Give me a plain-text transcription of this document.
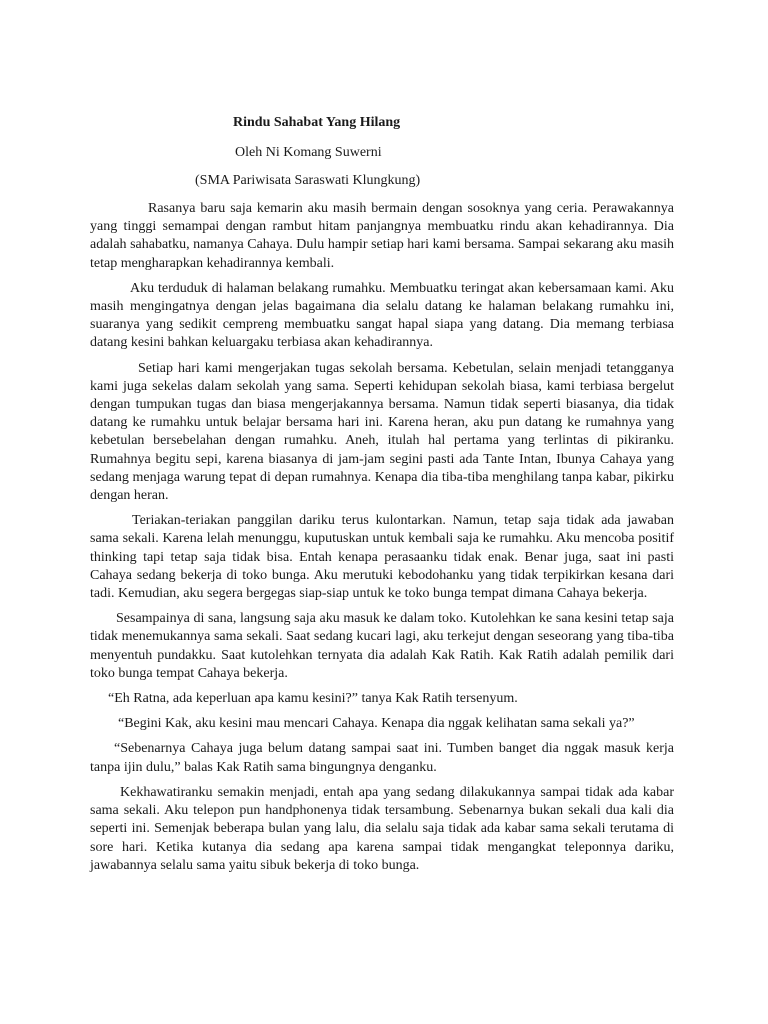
Rindu Sahabat Yang Hilang

Oleh Ni Komang Suwerni

(SMA Pariwisata Saraswati Klungkung)

Rasanya baru saja kemarin aku masih bermain dengan sosoknya yang ceria. Perawakannya yang tinggi semampai dengan rambut hitam panjangnya membuatku rindu akan kehadirannya. Dia adalah sahabatku, namanya Cahaya. Dulu hampir setiap hari kami bersama. Sampai sekarang aku masih tetap mengharapkan kehadirannya kembali.

Aku terduduk di halaman belakang rumahku. Membuatku teringat akan kebersamaan kami. Aku masih mengingatnya dengan jelas bagaimana dia selalu datang ke halaman belakang rumahku ini, suaranya yang sedikit cempreng membuatku sangat hapal siapa yang datang. Dia memang terbiasa datang kesini bahkan keluargaku terbiasa akan kehadirannya.

Setiap hari kami mengerjakan tugas sekolah bersama. Kebetulan, selain menjadi tetangganya kami juga sekelas dalam sekolah yang sama. Seperti kehidupan sekolah biasa, kami terbiasa bergelut dengan tumpukan tugas dan biasa mengerjakannya bersama. Namun tidak seperti biasanya, dia tidak datang ke rumahku untuk belajar bersama hari ini. Karena heran, aku pun datang ke rumahnya yang kebetulan bersebelahan dengan rumahku. Aneh, itulah hal pertama yang terlintas di pikiranku. Rumahnya begitu sepi, karena biasanya di jam-jam segini pasti ada Tante Intan, Ibunya Cahaya yang sedang menjaga warung tepat di depan rumahnya. Kenapa dia tiba-tiba menghilang tanpa kabar, pikirku dengan heran.

Teriakan-teriakan panggilan dariku terus kulontarkan. Namun, tetap saja tidak ada jawaban sama sekali. Karena lelah menunggu, kuputuskan untuk kembali saja ke rumahku. Aku mencoba positif thinking tapi tetap saja tidak bisa. Entah kenapa perasaanku tidak enak. Benar juga, saat ini pasti Cahaya sedang bekerja di toko bunga. Aku merutuki kebodohanku yang tidak terpikirkan kesana dari tadi. Kemudian, aku segera bergegas siap-siap untuk ke toko bunga tempat dimana Cahaya bekerja.

Sesampainya di sana, langsung saja aku masuk ke dalam toko. Kutolehkan ke sana kesini tetap saja tidak menemukannya sama sekali. Saat sedang kucari lagi, aku terkejut dengan seseorang yang tiba-tiba menyentuh pundakku. Saat kutolehkan ternyata dia adalah Kak Ratih. Kak Ratih adalah pemilik dari toko bunga tempat Cahaya bekerja.

“Eh Ratna, ada keperluan apa kamu kesini?” tanya Kak Ratih tersenyum.

“Begini Kak, aku kesini mau mencari Cahaya. Kenapa dia nggak kelihatan sama sekali ya?”

“Sebenarnya Cahaya juga belum datang sampai saat ini. Tumben banget dia nggak masuk kerja tanpa ijin dulu,” balas Kak Ratih sama bingungnya denganku.

Kekhawatiranku semakin menjadi, entah apa yang sedang dilakukannya sampai tidak ada kabar sama sekali. Aku telepon pun handphonenya tidak tersambung. Sebenarnya bukan sekali dua kali dia seperti ini. Semenjak beberapa bulan yang lalu, dia selalu saja tidak ada kabar sama sekali terutama di sore hari. Ketika kutanya dia sedang apa karena sampai tidak mengangkat teleponnya dariku, jawabannya selalu sama yaitu sibuk bekerja di toko bunga.
